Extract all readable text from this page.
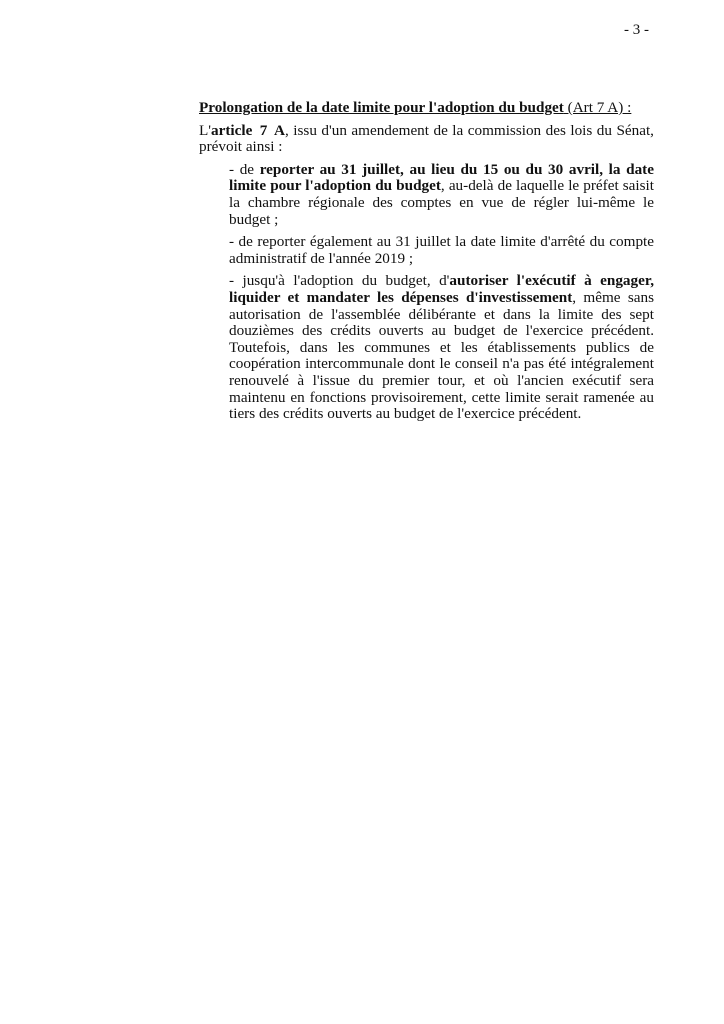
- 3 -

Prolongation de la date limite pour l'adoption du budget (Art 7 A) :

L'article 7 A, issu d'un amendement de la commission des lois du Sénat, prévoit ainsi :

- de reporter au 31 juillet, au lieu du 15 ou du 30 avril, la date limite pour l'adoption du budget, au-delà de laquelle le préfet saisit la chambre régionale des comptes en vue de régler lui-même le budget ;

- de reporter également au 31 juillet la date limite d'arrêté du compte administratif de l'année 2019 ;

- jusqu'à l'adoption du budget, d'autoriser l'exécutif à engager, liquider et mandater les dépenses d'investissement, même sans autorisation de l'assemblée délibérante et dans la limite des sept douzièmes des crédits ouverts au budget de l'exercice précédent. Toutefois, dans les communes et les établissements publics de coopération intercommunale dont le conseil n'a pas été intégralement renouvelé à l'issue du premier tour, et où l'ancien exécutif sera maintenu en fonctions provisoirement, cette limite serait ramenée au tiers des crédits ouverts au budget de l'exercice précédent.
